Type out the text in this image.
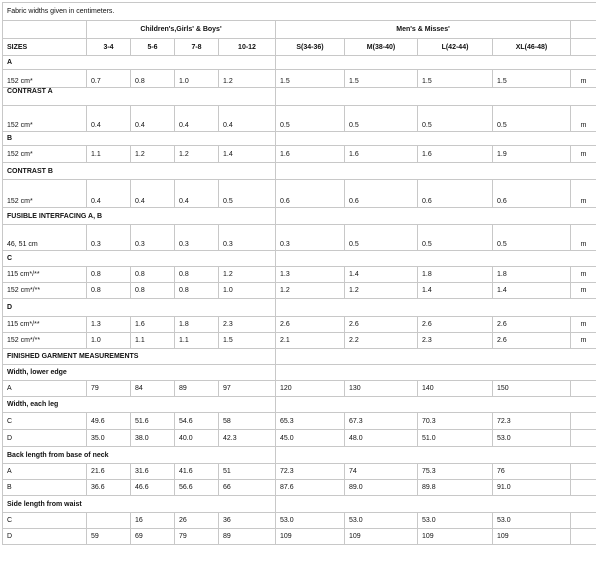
Fabric widths given in centimeters.									
	Children's,Girls' & Boys'				Men's & Misses'				
SIZES	3-4	5-6	7-8	10-12	S(34-36)	M(38-40)	L(42-44)	XL(46-48)	
A									
152 cm*	0.7	0.8	1.0	1.2	1.5	1.5	1.5	1.5	m
CONTRAST A									
152 cm*	0.4	0.4	0.4	0.4	0.5	0.5	0.5	0.5	m
B									
152 cm*	1.1	1.2	1.2	1.4	1.6	1.6	1.6	1.9	m
CONTRAST B									
152 cm*	0.4	0.4	0.4	0.5	0.6	0.6	0.6	0.6	m
FUSIBLE INTERFACING A, B									
46, 51 cm	0.3	0.3	0.3	0.3	0.3	0.5	0.5	0.5	m
C									
115 cm*/**	0.8	0.8	0.8	1.2	1.3	1.4	1.8	1.8	m
152 cm*/**	0.8	0.8	0.8	1.0	1.2	1.2	1.4	1.4	m
D									
115 cm*/**	1.3	1.6	1.8	2.3	2.6	2.6	2.6	2.6	m
152 cm*/**	1.0	1.1	1.1	1.5	2.1	2.2	2.3	2.6	m
FINISHED GARMENT MEASUREMENTS									
Width, lower edge									
A	79	84	89	97	120	130	140	150	
Width, each leg									
C	49.6	51.6	54.6	58	65.3	67.3	70.3	72.3	
D	35.0	38.0	40.0	42.3	45.0	48.0	51.0	53.0	
Back length from base of neck									
A	21.6	31.6	41.6	51	72.3	74	75.3	76	
B	36.6	46.6	56.6	66	87.6	89.0	89.8	91.0	
Side length from waist									
C		16	26	36	53.0	53.0	53.0	53.0	
D	59	69	79	89	109	109	109	109	
